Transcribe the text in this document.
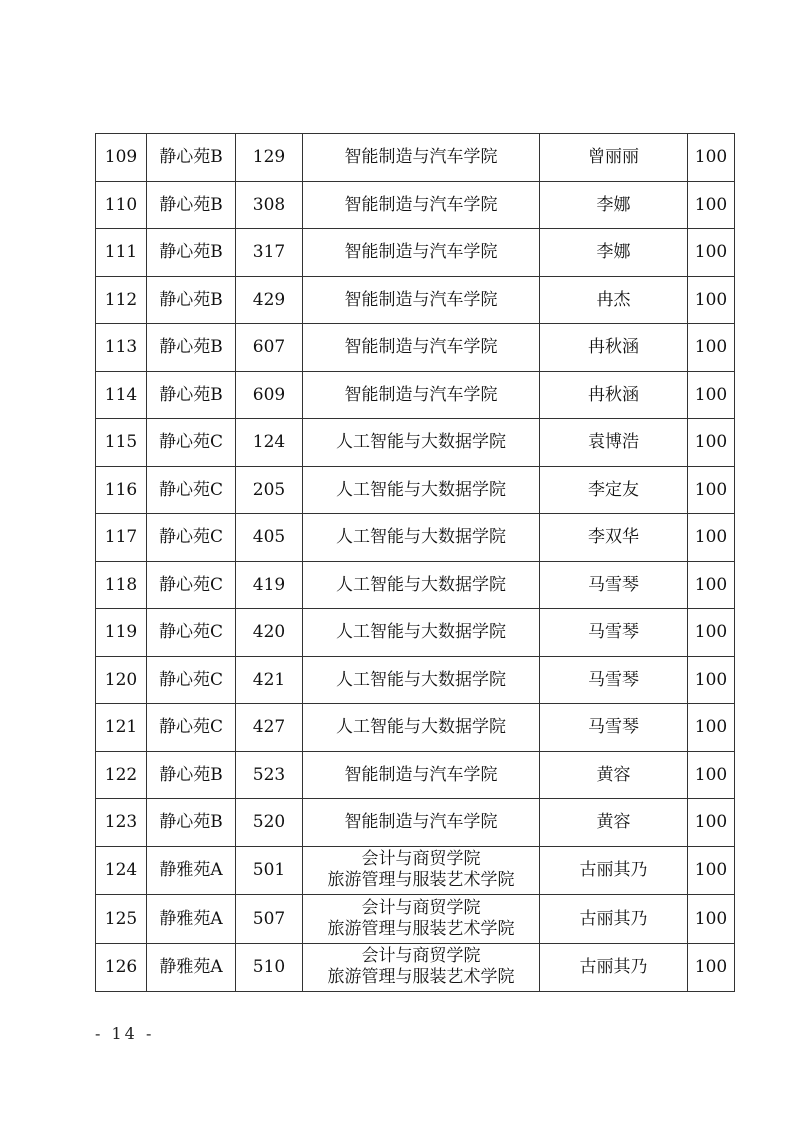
109	静心苑B	129	智能制造与汽车学院	曾丽丽	100
110	静心苑B	308	智能制造与汽车学院	李娜	100
111	静心苑B	317	智能制造与汽车学院	李娜	100
112	静心苑B	429	智能制造与汽车学院	冉杰	100
113	静心苑B	607	智能制造与汽车学院	冉秋涵	100
114	静心苑B	609	智能制造与汽车学院	冉秋涵	100
115	静心苑C	124	人工智能与大数据学院	袁博浩	100
116	静心苑C	205	人工智能与大数据学院	李定友	100
117	静心苑C	405	人工智能与大数据学院	李双华	100
118	静心苑C	419	人工智能与大数据学院	马雪琴	100
119	静心苑C	420	人工智能与大数据学院	马雪琴	100
120	静心苑C	421	人工智能与大数据学院	马雪琴	100
121	静心苑C	427	人工智能与大数据学院	马雪琴	100
122	静心苑B	523	智能制造与汽车学院	黄容	100
123	静心苑B	520	智能制造与汽车学院	黄容	100
124	静雅苑A	501	会计与商贸学院
旅游管理与服装艺术学院	古丽其乃	100
125	静雅苑A	507	会计与商贸学院
旅游管理与服装艺术学院	古丽其乃	100
126	静雅苑A	510	会计与商贸学院
旅游管理与服装艺术学院	古丽其乃	100
- 14 -
